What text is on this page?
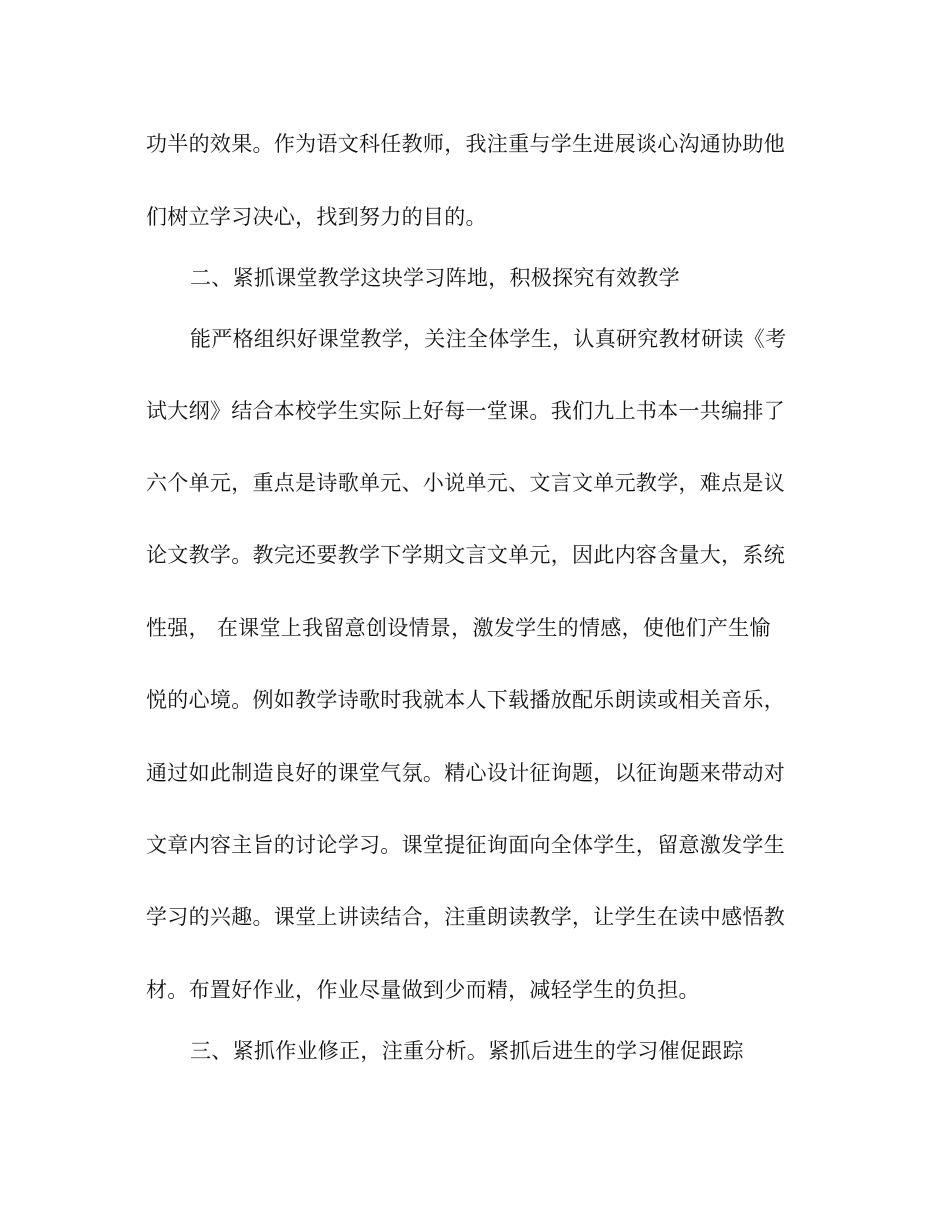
功半的效果。作为语文科任教师，我注重与学生进展谈心沟通协助他
们树立学习决心，找到努力的目的。
二、紧抓课堂教学这块学习阵地，积极探究有效教学
能严格组织好课堂教学，关注全体学生，认真研究教材研读《考
试大纲》结合本校学生实际上好每一堂课。我们九上书本一共编排了
六个单元，重点是诗歌单元、小说单元、文言文单元教学，难点是议
论文教学。教完还要教学下学期文言文单元，因此内容含量大，系统
性强， 在课堂上我留意创设情景，激发学生的情感，使他们产生愉
悦的心境。例如教学诗歌时我就本人下载播放配乐朗读或相关音乐，
通过如此制造良好的课堂气氛。精心设计征询题，以征询题来带动对
文章内容主旨的讨论学习。课堂提征询面向全体学生，留意激发学生
学习的兴趣。课堂上讲读结合，注重朗读教学，让学生在读中感悟教
材。布置好作业，作业尽量做到少而精，减轻学生的负担。
三、紧抓作业修正，注重分析。紧抓后进生的学习催促跟踪
